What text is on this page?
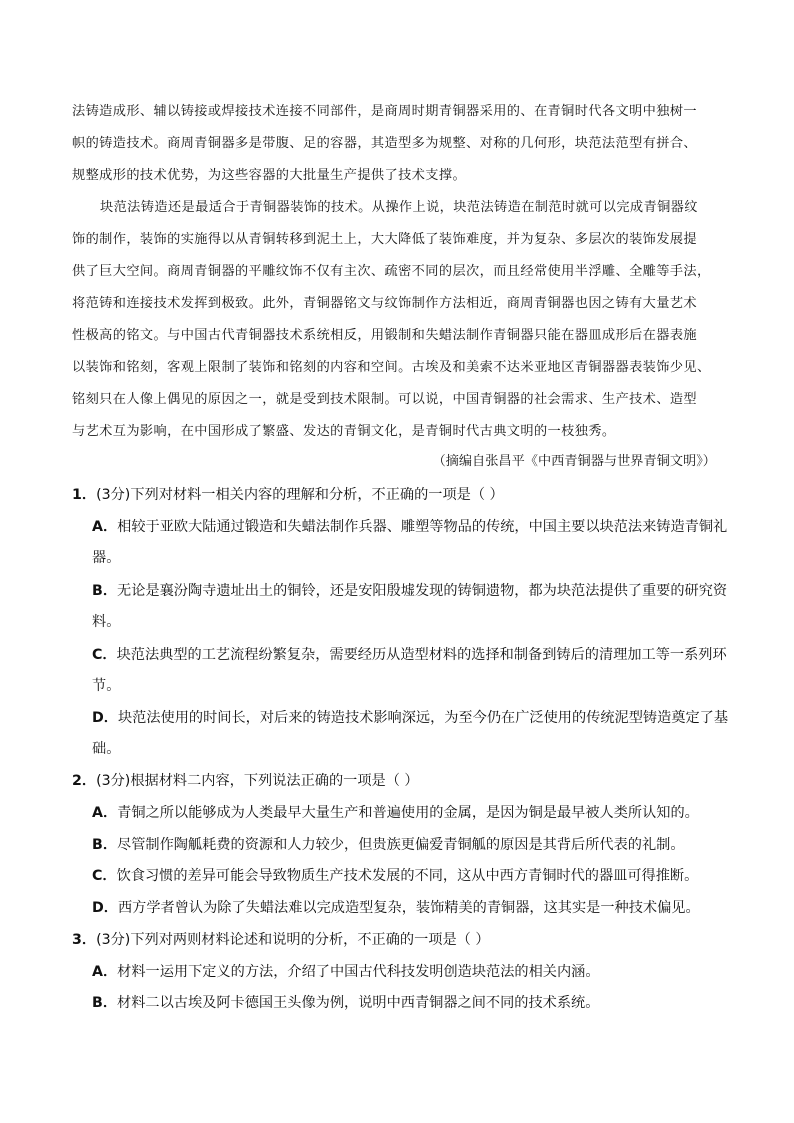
法铸造成形、辅以铸接或焊接技术连接不同部件，是商周时期青铜器采用的、在青铜时代各文明中独树一
帜的铸造技术。商周青铜器多是带腹、足的容器，其造型多为规整、对称的几何形，块范法范型有拼合、
规整成形的技术优势，为这些容器的大批量生产提供了技术支撑。
块范法铸造还是最适合于青铜器装饰的技术。从操作上说，块范法铸造在制范时就可以完成青铜器纹
饰的制作，装饰的实施得以从青铜转移到泥土上，大大降低了装饰难度，并为复杂、多层次的装饰发展提
供了巨大空间。商周青铜器的平雕纹饰不仅有主次、疏密不同的层次，而且经常使用半浮雕、全雕等手法，
将范铸和连接技术发挥到极致。此外，青铜器铭文与纹饰制作方法相近，商周青铜器也因之铸有大量艺术
性极高的铭文。与中国古代青铜器技术系统相反，用锻制和失蜡法制作青铜器只能在器皿成形后在器表施
以装饰和铭刻，客观上限制了装饰和铭刻的内容和空间。古埃及和美索不达米亚地区青铜器器表装饰少见、
铭刻只在人像上偶见的原因之一，就是受到技术限制。可以说，中国青铜器的社会需求、生产技术、造型
与艺术互为影响，在中国形成了繁盛、发达的青铜文化，是青铜时代古典文明的一枝独秀。
（摘编自张昌平《中西青铜器与世界青铜文明》）
1．(3分)下列对材料一相关内容的理解和分析，不正确的一项是（ ）
A．相较于亚欧大陆通过锻造和失蜡法制作兵器、雕塑等物品的传统，中国主要以块范法来铸造青铜礼
器。
B．无论是襄汾陶寺遗址出土的铜铃，还是安阳殷墟发现的铸铜遗物，都为块范法提供了重要的研究资
料。
C．块范法典型的工艺流程纷繁复杂，需要经历从造型材料的选择和制备到铸后的清理加工等一系列环
节。
D．块范法使用的时间长，对后来的铸造技术影响深远，为至今仍在广泛使用的传统泥型铸造奠定了基
础。
2．(3分)根据材料二内容，下列说法正确的一项是（ ）
A．青铜之所以能够成为人类最早大量生产和普遍使用的金属，是因为铜是最早被人类所认知的。
B．尽管制作陶觚耗费的资源和人力较少，但贵族更偏爱青铜觚的原因是其背后所代表的礼制。
C．饮食习惯的差异可能会导致物质生产技术发展的不同，这从中西方青铜时代的器皿可得推断。
D．西方学者曾认为除了失蜡法难以完成造型复杂，装饰精美的青铜器，这其实是一种技术偏见。
3．(3分)下列对两则材料论述和说明的分析，不正确的一项是（ ）
A．材料一运用下定义的方法，介绍了中国古代科技发明创造块范法的相关内涵。
B．材料二以古埃及阿卡德国王头像为例，说明中西青铜器之间不同的技术系统。
